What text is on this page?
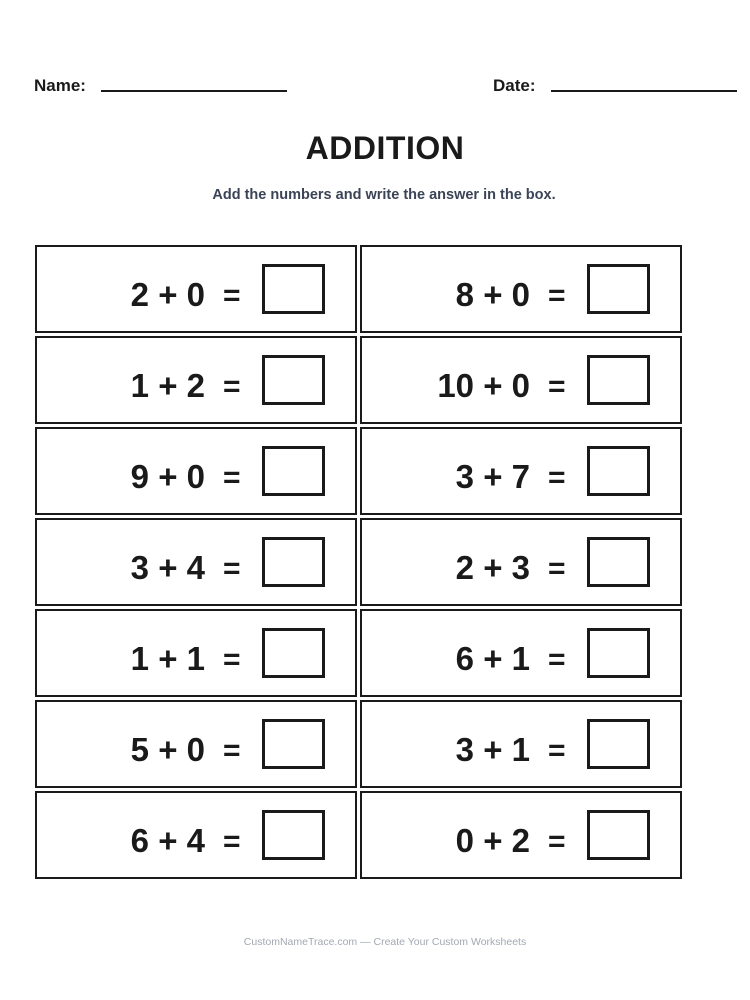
Name:	Date:
ADDITION
Add the numbers and write the answer in the box.
2 + 0 =	8 + 0 =
1 + 2 =	10 + 0 =
9 + 0 =	3 + 7 =
3 + 4 =	2 + 3 =
1 + 1 =	6 + 1 =
5 + 0 =	3 + 1 =
6 + 4 =	0 + 2 =
CustomNameTrace.com — Create Your Custom Worksheets
